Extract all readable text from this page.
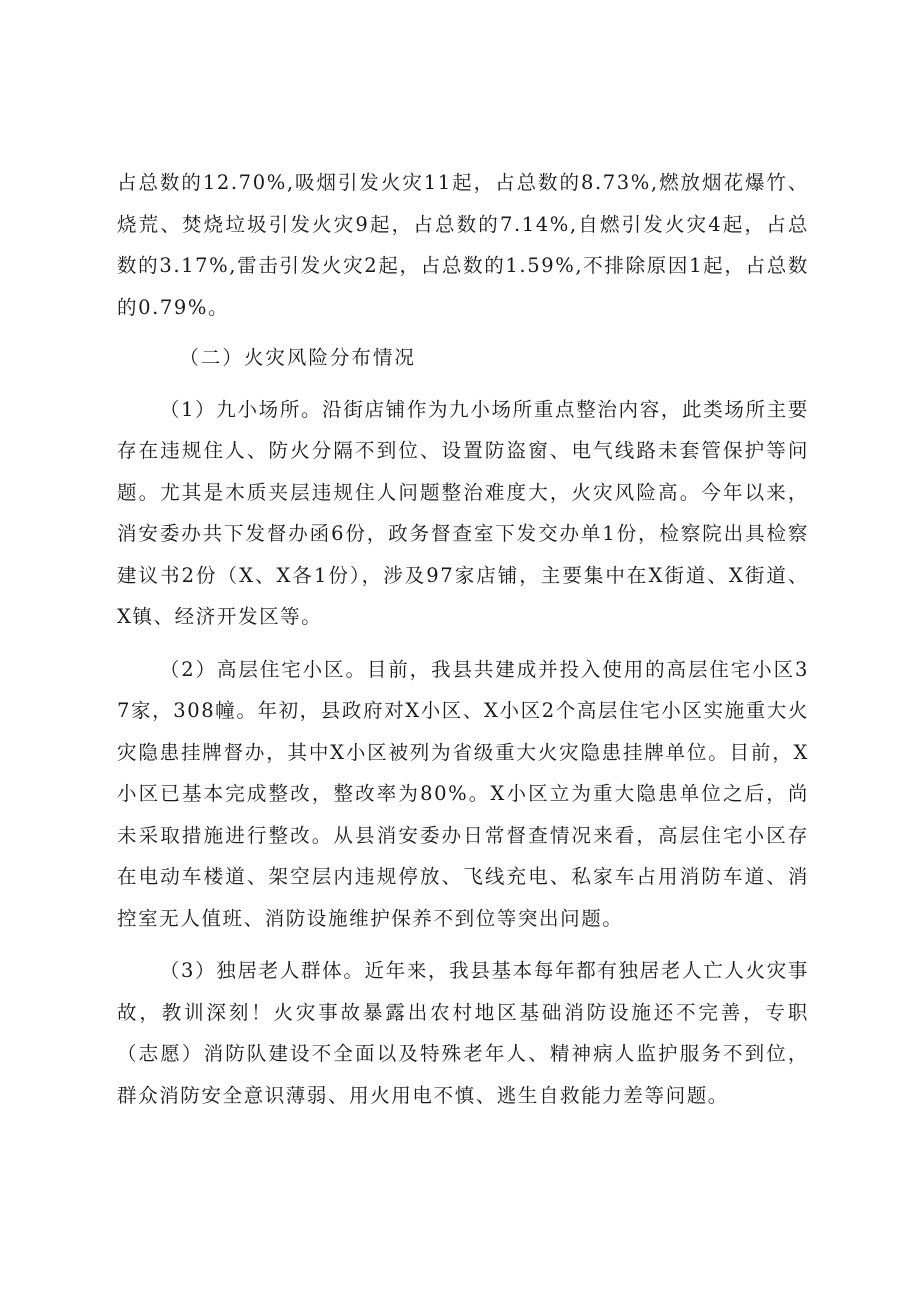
占总数的12.70%,吸烟引发火灾11起，占总数的8.73%,燃放烟花爆竹、烧荒、焚烧垃圾引发火灾9起，占总数的7.14%,自燃引发火灾4起，占总数的3.17%,雷击引发火灾2起，占总数的1.59%,不排除原因1起，占总数的0.79%。

（二）火灾风险分布情况

（1）九小场所。沿街店铺作为九小场所重点整治内容，此类场所主要存在违规住人、防火分隔不到位、设置防盗窗、电气线路未套管保护等问题。尤其是木质夹层违规住人问题整治难度大，火灾风险高。今年以来，消安委办共下发督办函6份，政务督查室下发交办单1份，检察院出具检察建议书2份（X、X各1份），涉及97家店铺，主要集中在X街道、X街道、X镇、经济开发区等。

（2）高层住宅小区。目前，我县共建成并投入使用的高层住宅小区37家，308幢。年初，县政府对X小区、X小区2个高层住宅小区实施重大火灾隐患挂牌督办，其中X小区被列为省级重大火灾隐患挂牌单位。目前，X小区已基本完成整改，整改率为80%。X小区立为重大隐患单位之后，尚未采取措施进行整改。从县消安委办日常督查情况来看，高层住宅小区存在电动车楼道、架空层内违规停放、飞线充电、私家车占用消防车道、消控室无人值班、消防设施维护保养不到位等突出问题。

（3）独居老人群体。近年来，我县基本每年都有独居老人亡人火灾事故，教训深刻！火灾事故暴露出农村地区基础消防设施还不完善，专职（志愿）消防队建设不全面以及特殊老年人、精神病人监护服务不到位，群众消防安全意识薄弱、用火用电不慎、逃生自救能力差等问题。
